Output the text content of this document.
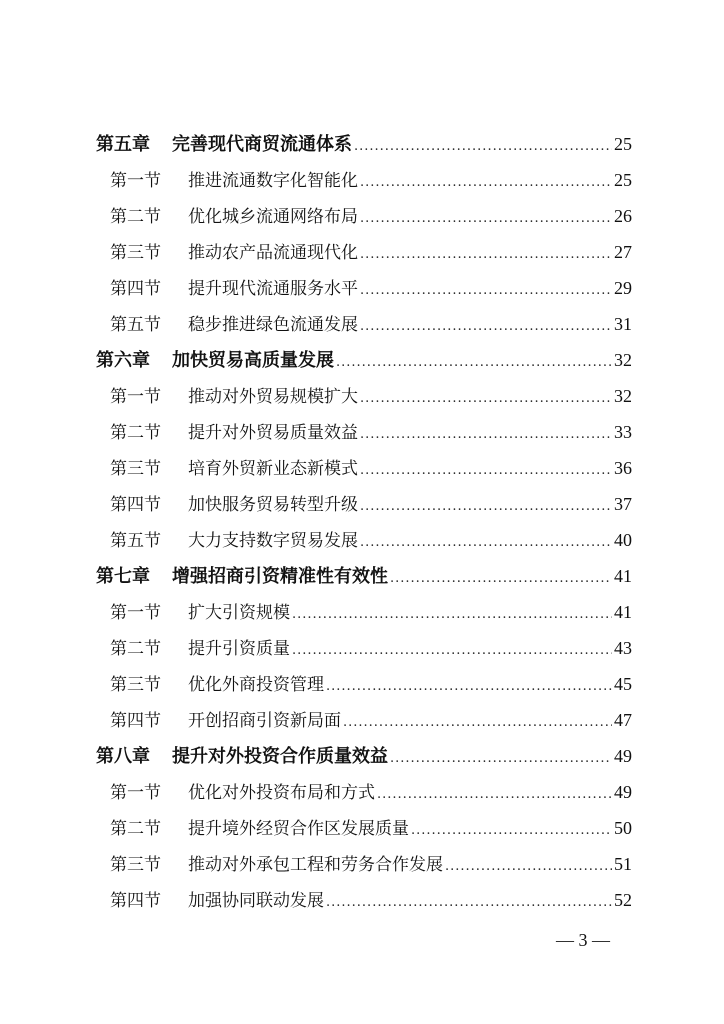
第五章	完善现代商贸流通体系 .....	25
第一节	推进流通数字化智能化 .....	25
第二节	优化城乡流通网络布局 .....	26
第三节	推动农产品流通现代化 .....	27
第四节	提升现代流通服务水平 .....	29
第五节	稳步推进绿色流通发展 .....	31
第六章	加快贸易高质量发展 .....	32
第一节	推动对外贸易规模扩大 .....	32
第二节	提升对外贸易质量效益 .....	33
第三节	培育外贸新业态新模式 .....	36
第四节	加快服务贸易转型升级 .....	37
第五节	大力支持数字贸易发展 .....	40
第七章	增强招商引资精准性有效性 .....	41
第一节	扩大引资规模 .....	41
第二节	提升引资质量 .....	43
第三节	优化外商投资管理 .....	45
第四节	开创招商引资新局面 .....	47
第八章	提升对外投资合作质量效益 .....	49
第一节	优化对外投资布局和方式 .....	49
第二节	提升境外经贸合作区发展质量 .....	50
第三节	推动对外承包工程和劳务合作发展 .....	51
第四节	加强协同联动发展 .....	52
— 3 —
